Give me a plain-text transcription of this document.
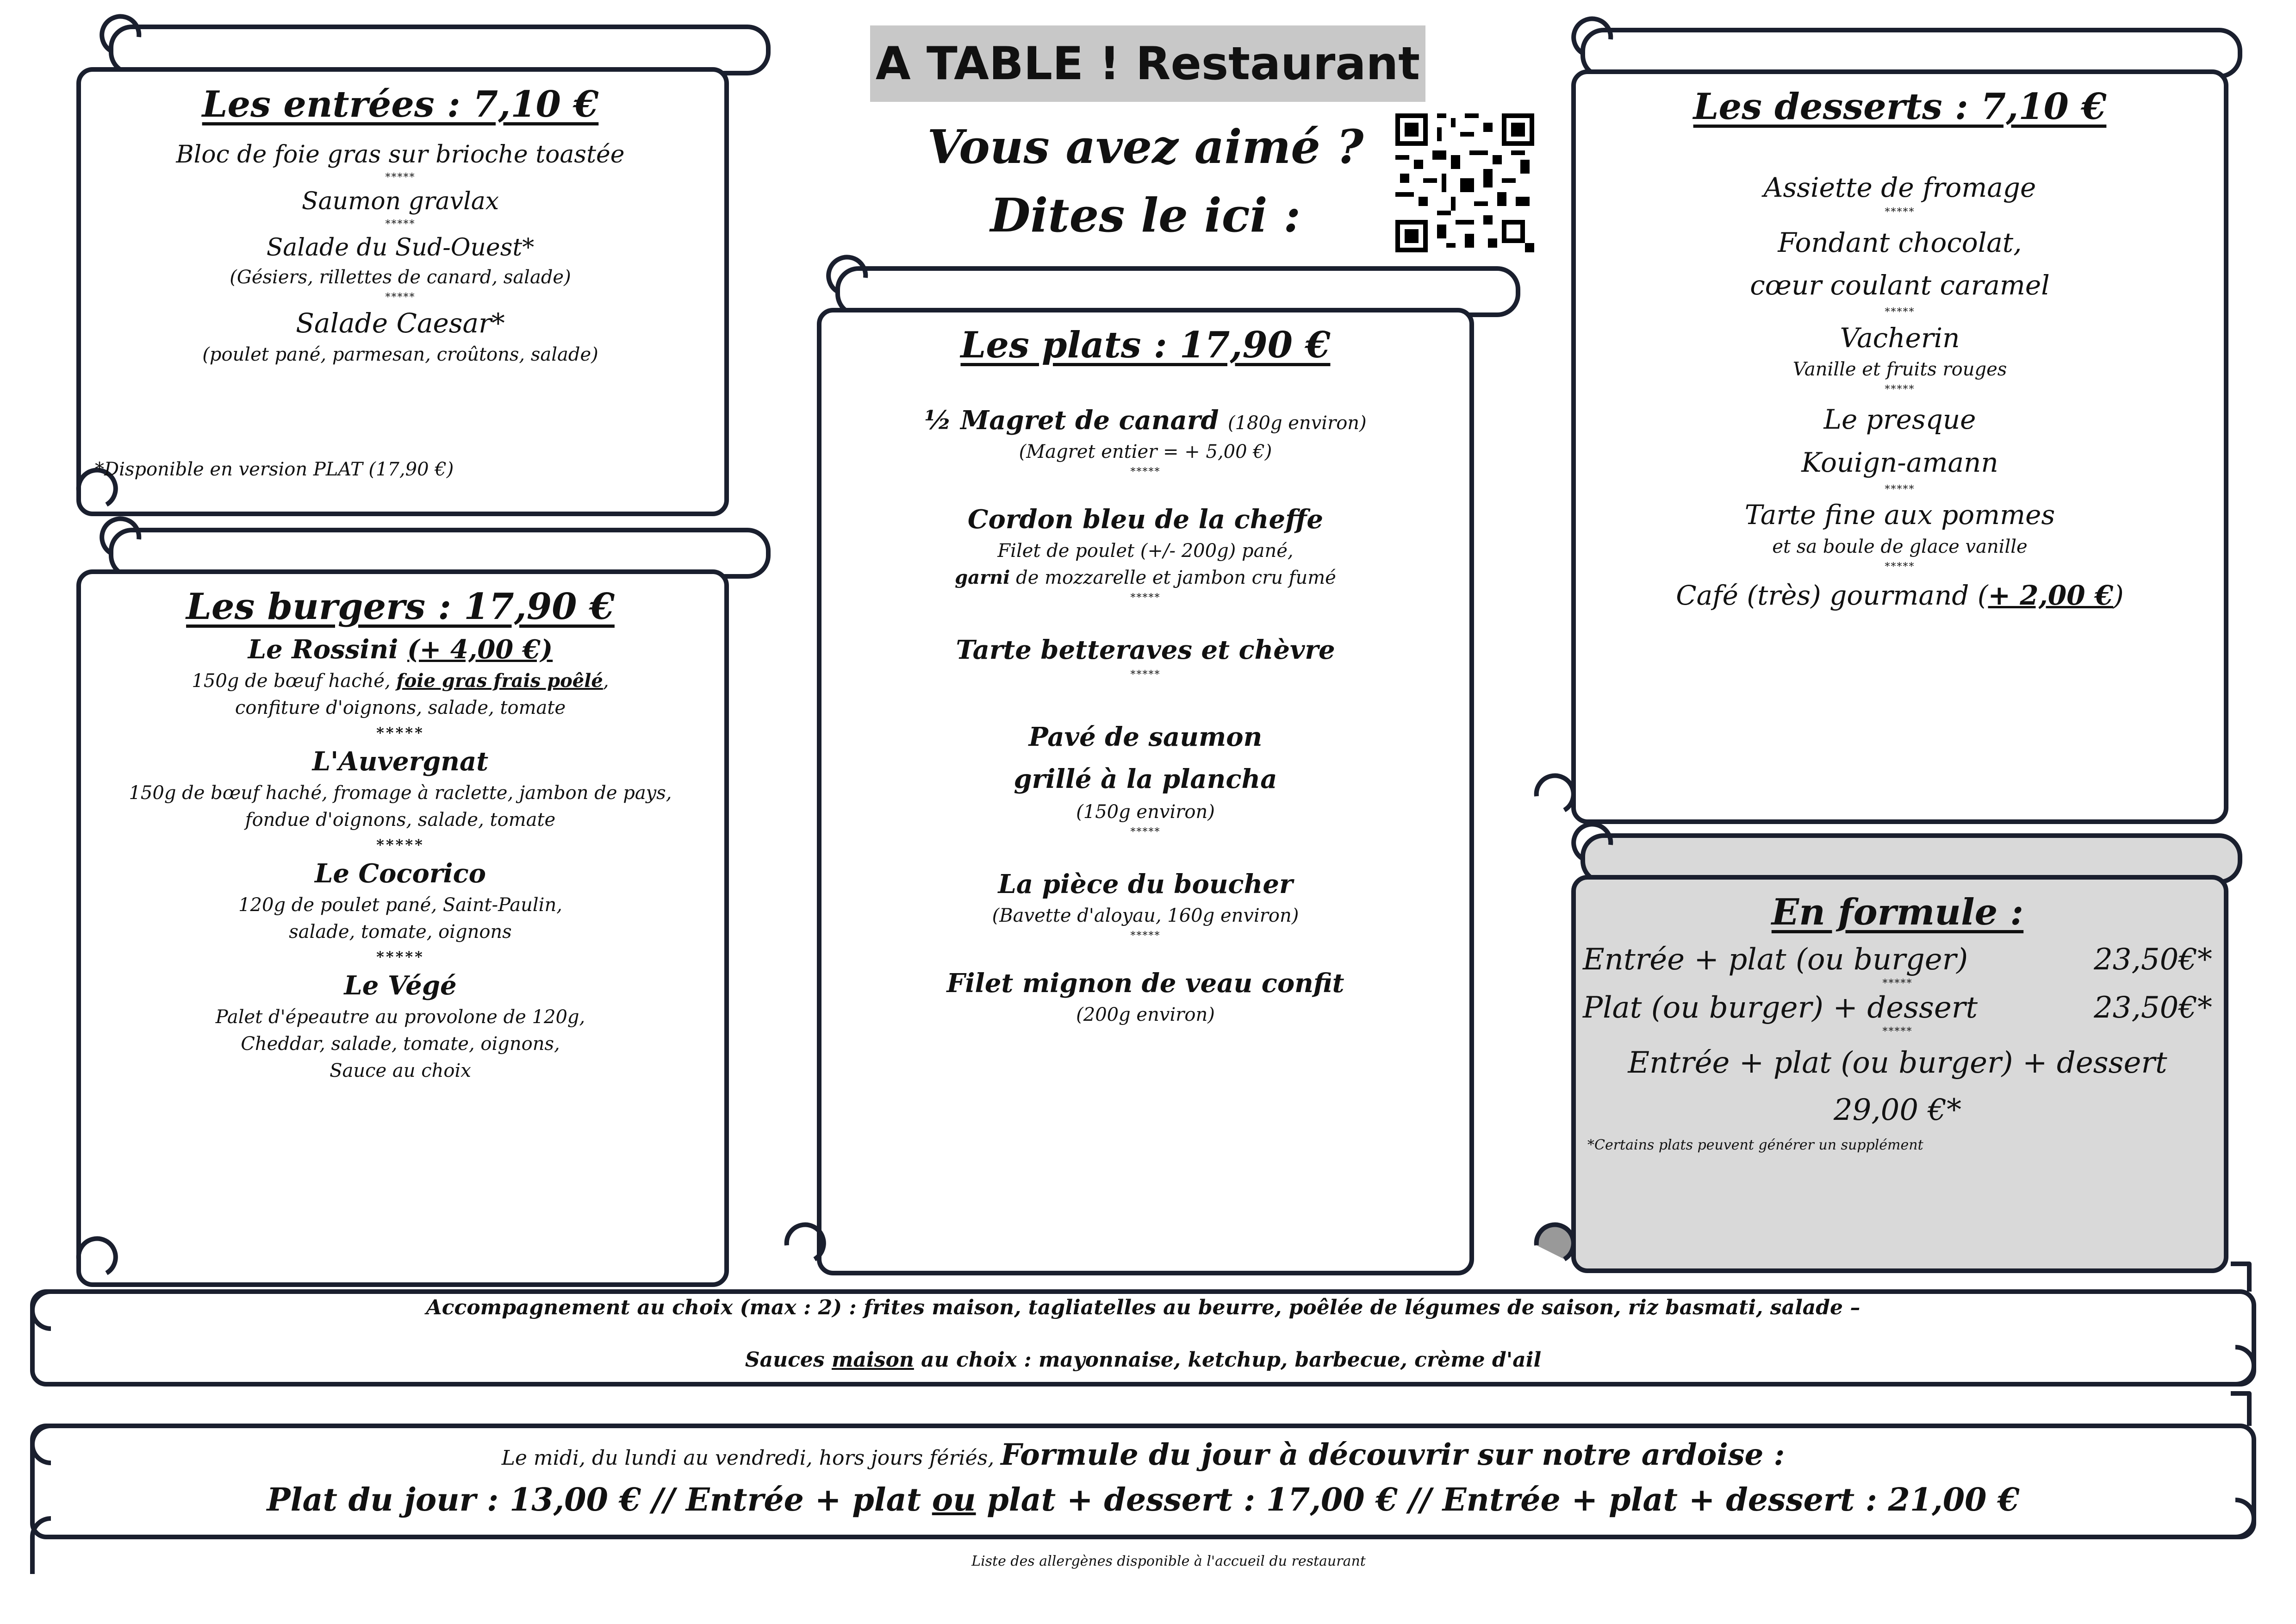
A TABLE ! Restaurant

Vous avez aimé ?

Dites le ici :

Les entrées : 7,10 €

Bloc de foie gras sur brioche toastée

*****

Saumon gravlax

*****

Salade du Sud-Ouest*

(Gésiers, rillettes de canard, salade)

*****

Salade Caesar*

(poulet pané, parmesan, croûtons, salade)

*Disponible en version PLAT (17,90 €)

Les burgers : 17,90 €

Le Rossini (+ 4,00 €)

150g de bœuf haché, foie gras frais poêlé,

confiture d'oignons, salade, tomate

*****

L'Auvergnat

150g de bœuf haché, fromage à raclette, jambon de pays,

fondue d'oignons, salade, tomate

*****

Le Cocorico

120g de poulet pané, Saint-Paulin,

salade, tomate, oignons

*****

Le Végé

Palet d'épeautre au provolone de 120g,

Cheddar, salade, tomate, oignons,

Sauce au choix

Les plats : 17,90 €

½ Magret de canard (180g environ)

(Magret entier = + 5,00 €)

*****

Cordon bleu de la cheffe

Filet de poulet (+/- 200g) pané,

garni de mozzarelle et jambon cru fumé

*****

Tarte betteraves et chèvre

*****

Pavé de saumon

grillé à la plancha

(150g environ)

*****

La pièce du boucher

(Bavette d'aloyau, 160g environ)

*****

Filet mignon de veau confit

(200g environ)

Les desserts : 7,10 €

Assiette de fromage

*****

Fondant chocolat,

cœur coulant caramel

*****

Vacherin

Vanille et fruits rouges

*****

Le presque

Kouign-amann

*****

Tarte fine aux pommes

et sa boule de glace vanille

*****

Café (très) gourmand (+ 2,00 €)

En formule :

Entrée + plat (ou burger)	23,50€*

*****

Plat (ou burger) + dessert	23,50€*

*****

Entrée + plat (ou burger) + dessert

29,00 €*

*Certains plats peuvent générer un supplément

Accompagnement au choix (max : 2) : frites maison, tagliatelles au beurre, poêlée de légumes de saison, riz basmati, salade –

Sauces maison au choix : mayonnaise, ketchup, barbecue, crème d'ail

Le midi, du lundi au vendredi, hors jours fériés, Formule du jour à découvrir sur notre ardoise :

Plat du jour : 13,00 € // Entrée + plat ou plat + dessert : 17,00 € // Entrée + plat + dessert : 21,00 €

Liste des allergènes disponible à l'accueil du restaurant
